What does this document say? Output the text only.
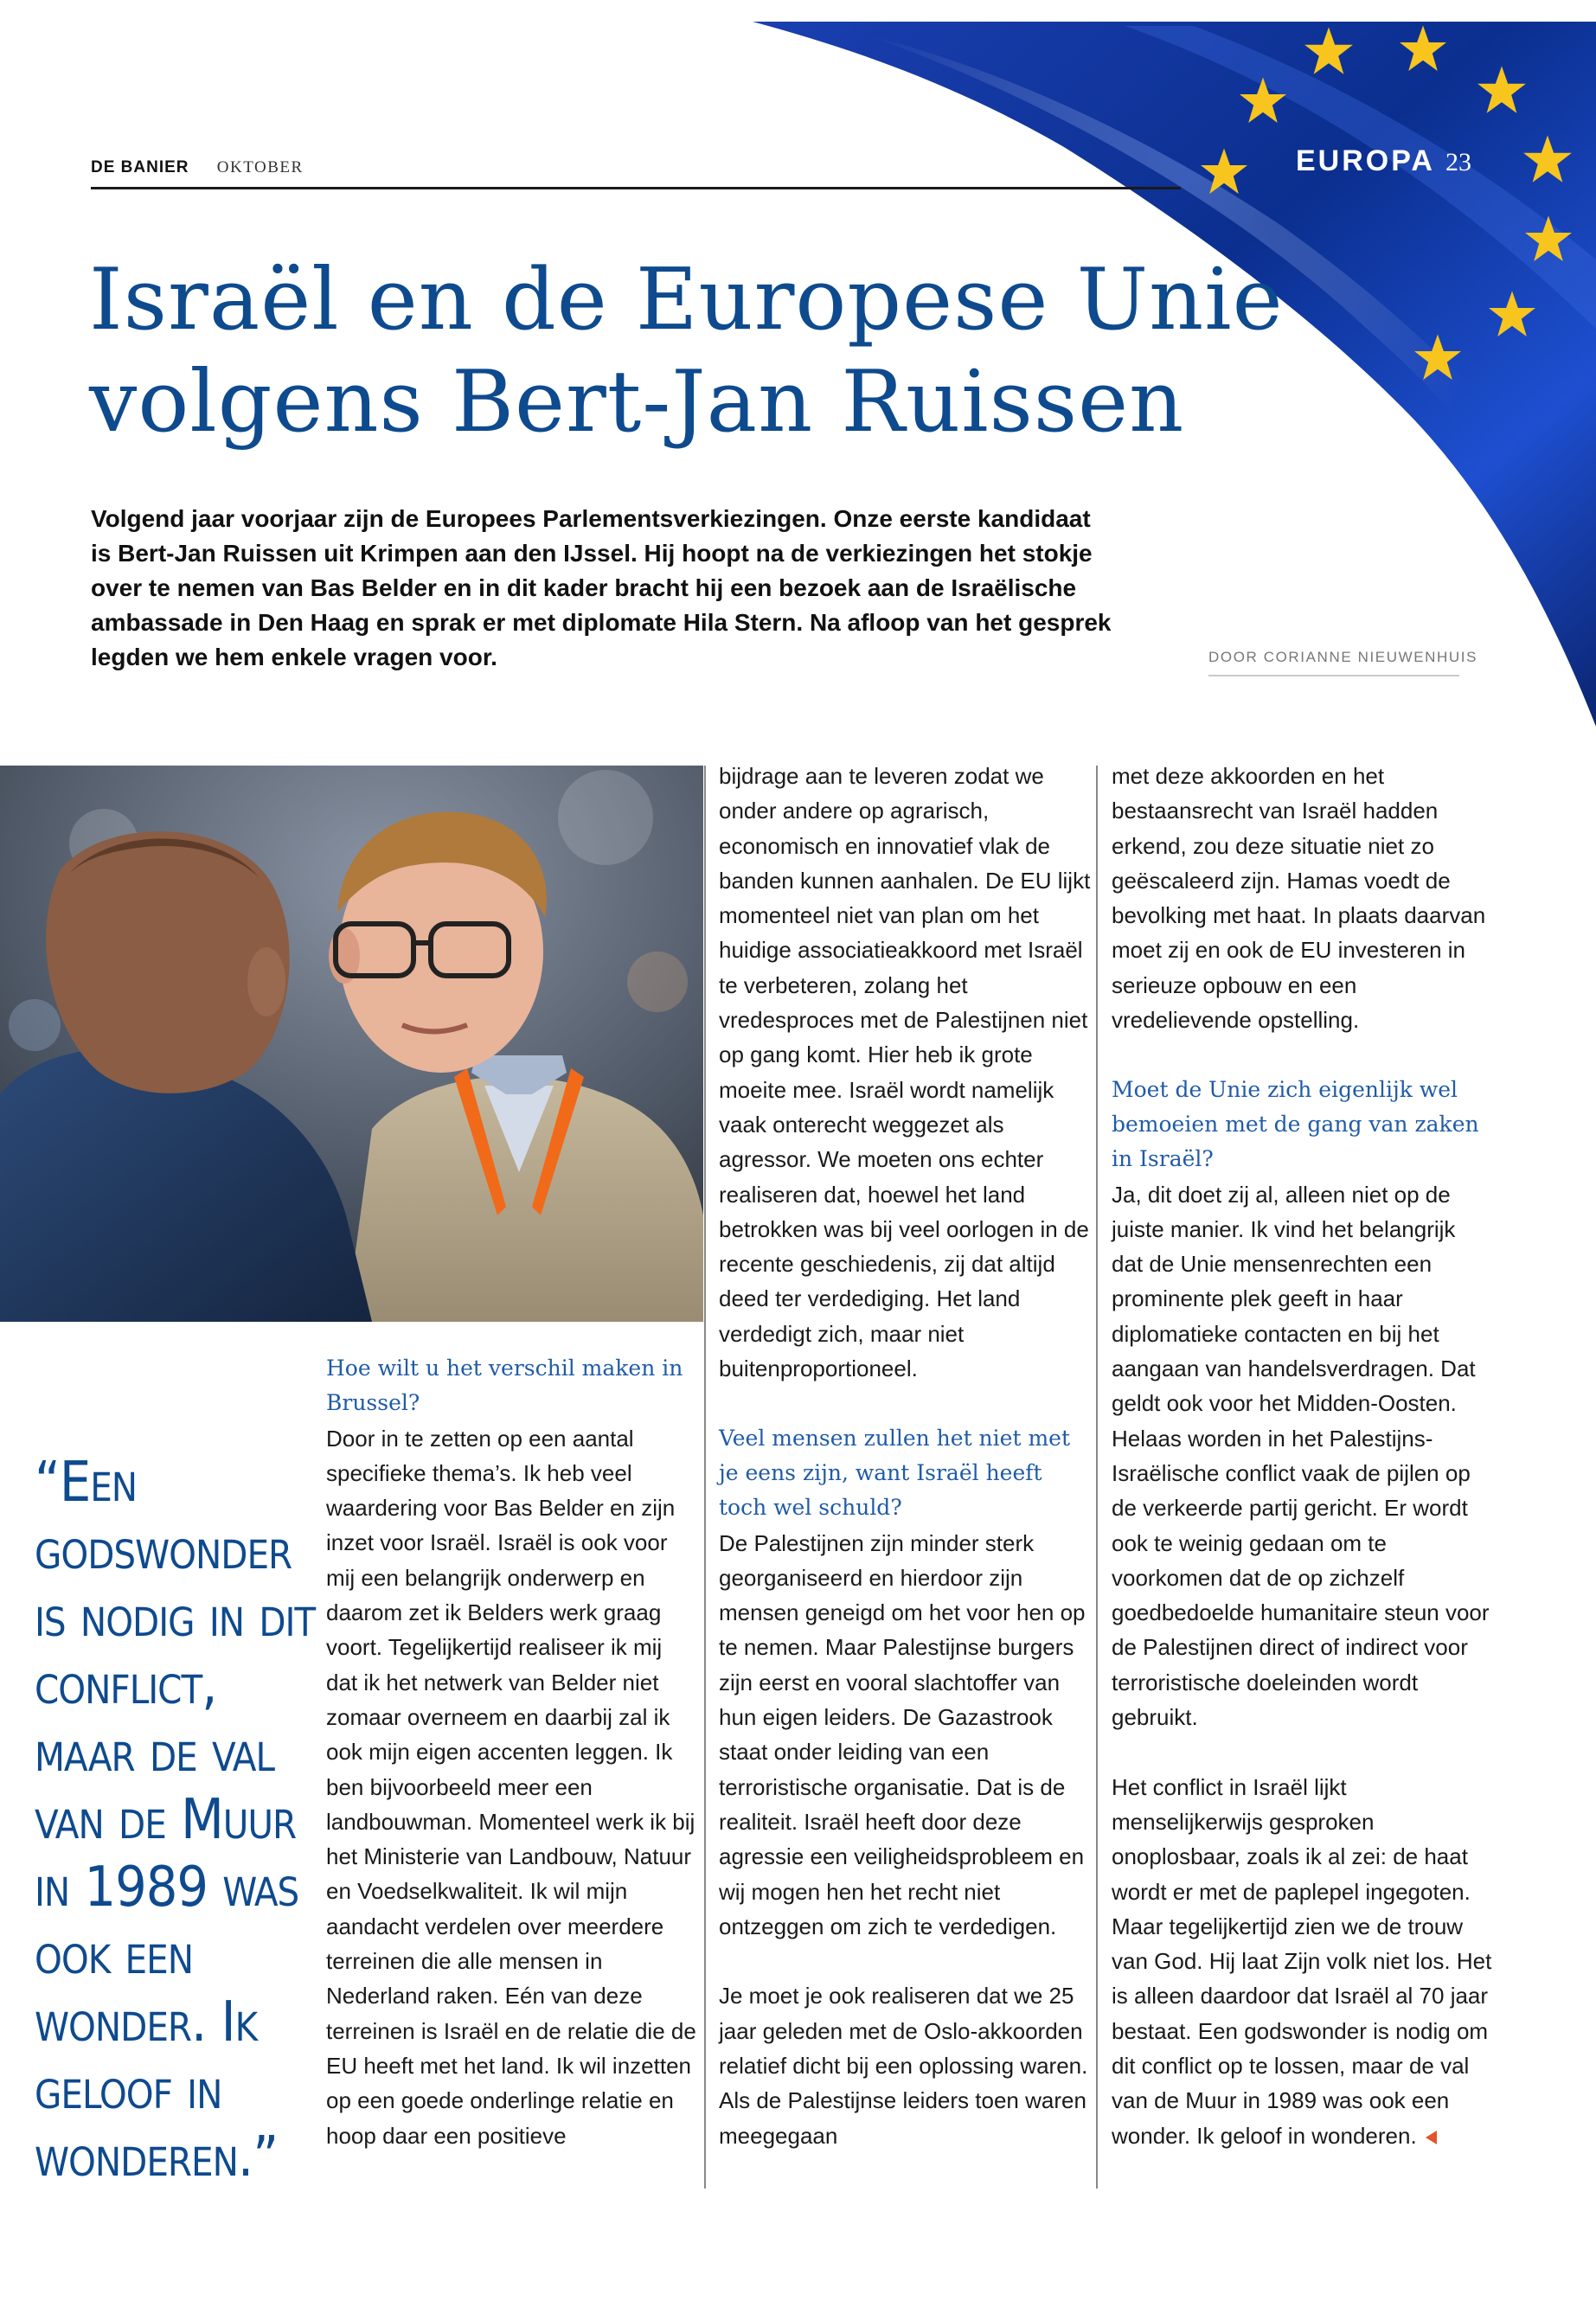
DE BANIER OKTOBER	EUROPA 23
Israël en de Europese Unie
volgens Bert-Jan Ruissen

Volgend jaar voorjaar zijn de Europees Parlementsverkiezingen. Onze eerste kandidaat is Bert-Jan Ruissen uit Krimpen aan den IJssel. Hij hoopt na de verkiezingen het stokje over te nemen van Bas Belder en in dit kader bracht hij een bezoek aan de Israëlische ambassade in Den Haag en sprak er met diplomate Hila Stern. Na afloop van het gesprek legden we hem enkele vragen voor.	DOOR CORIANNE NIEUWENHUIS
“Een godswonder is nodig in dit conflict, maar de val van de Muur in 1989 was ook een wonder. Ik geloof in wonderen.”

Hoe wilt u het verschil maken in Brussel?

Door in te zetten op een aantal specifieke thema’s. Ik heb veel waardering voor Bas Belder en zijn inzet voor Israël. Israël is ook voor mij een belangrijk onderwerp en daarom zet ik Belders werk graag voort. Tegelijkertijd realiseer ik mij dat ik het netwerk van Belder niet zomaar overneem en daarbij zal ik ook mijn eigen accenten leggen. Ik ben bijvoorbeeld meer een landbouwman. Momenteel werk ik bij het Ministerie van Landbouw, Natuur en Voedselkwaliteit. Ik wil mijn aandacht verdelen over meerdere terreinen die alle mensen in Nederland raken. Eén van deze terreinen is Israël en de relatie die de EU heeft met het land. Ik wil inzetten op een goede onderlinge relatie en hoop daar een positieve

bijdrage aan te leveren zodat we onder andere op agrarisch, economisch en innovatief vlak de banden kunnen aanhalen. De EU lijkt momenteel niet van plan om het huidige associatieakkoord met Israël te verbeteren, zolang het vredesproces met de Palestijnen niet op gang komt. Hier heb ik grote moeite mee. Israël wordt namelijk vaak onterecht weggezet als agressor. We moeten ons echter realiseren dat, hoewel het land betrokken was bij veel oorlogen in de recente geschiedenis, zij dat altijd deed ter verdediging. Het land verdedigt zich, maar niet buitenproportioneel.

Veel mensen zullen het niet met je eens zijn, want Israël heeft toch wel schuld?

De Palestijnen zijn minder sterk georganiseerd en hierdoor zijn mensen geneigd om het voor hen op te nemen. Maar Palestijnse burgers zijn eerst en vooral slachtoffer van hun eigen leiders. De Gazastrook staat onder leiding van een terroristische organisatie. Dat is de realiteit. Israël heeft door deze agressie een veiligheidsprobleem en wij mogen hen het recht niet ontzeggen om zich te verdedigen.

Je moet je ook realiseren dat we 25 jaar geleden met de Oslo-akkoorden relatief dicht bij een oplossing waren. Als de Palestijnse leiders toen waren meegegaan

met deze akkoorden en het bestaansrecht van Israël hadden erkend, zou deze situatie niet zo geëscaleerd zijn. Hamas voedt de bevolking met haat. In plaats daarvan moet zij en ook de EU investeren in serieuze opbouw en een vredelievende opstelling.

Moet de Unie zich eigenlijk wel bemoeien met de gang van zaken in Israël?

Ja, dit doet zij al, alleen niet op de juiste manier. Ik vind het belangrijk dat de Unie mensenrechten een prominente plek geeft in haar diplomatieke contacten en bij het aangaan van handelsverdragen. Dat geldt ook voor het Midden-Oosten. Helaas worden in het Palestijns-Israëlische conflict vaak de pijlen op de verkeerde partij gericht. Er wordt ook te weinig gedaan om te voorkomen dat de op zichzelf goedbedoelde humanitaire steun voor de Palestijnen direct of indirect voor terroristische doeleinden wordt gebruikt.

Het conflict in Israël lijkt menselijkerwijs gesproken onoplosbaar, zoals ik al zei: de haat wordt er met de paplepel ingegoten. Maar tegelijkertijd zien we de trouw van God. Hij laat Zijn volk niet los. Het is alleen daardoor dat Israël al 70 jaar bestaat. Een godswonder is nodig om dit conflict op te lossen, maar de val van de Muur in 1989 was ook een wonder. Ik geloof in wonderen.
